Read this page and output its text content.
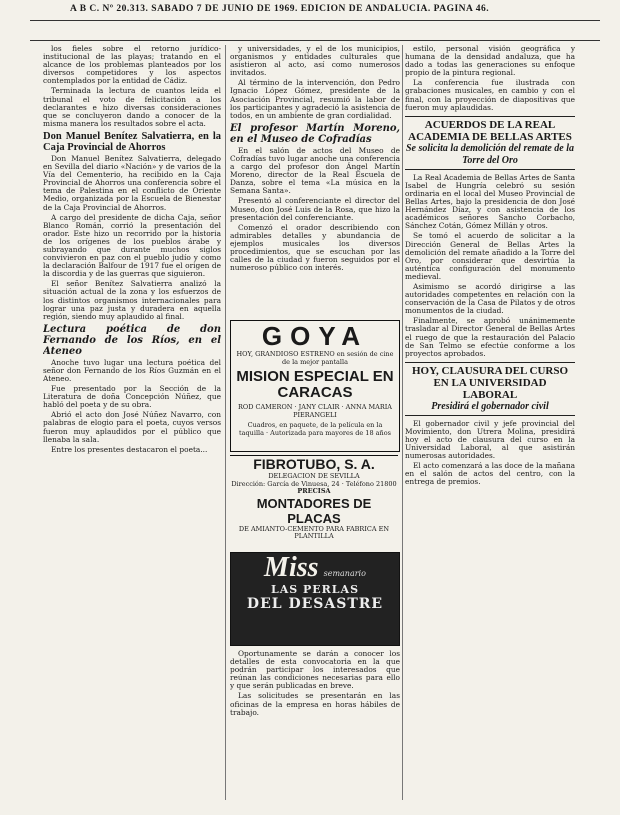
A B C. Nº 20.313. SABADO 7 DE JUNIO DE 1969. EDICION DE ANDALUCIA. PAGINA 46.

los fieles sobre el retorno jurídico-institucional de las playas; tratando en el alcance de los problemas planteados por los diversos competidores y los aspectos contemplados por la entidad de Cádiz.

Terminada la lectura de cuantos leída el tribunal el voto de felicitación a los declarantes e hizo diversas consideraciones que se concluyeron dando a conocer de la misma manera los resultados sobre el acta.

Don Manuel Benítez Salvatierra, en la Caja Provincial de Ahorros

Don Manuel Benítez Salvatierra, delegado en Sevilla del diario «Nación» y de varios de la Vía del Cementerio, ha recibido en la Caja Provincial de Ahorros una conferencia sobre el tema de Palestina en el conflicto de Oriente Medio, organizada por la Escuela de Bienestar de la Caja Provincial de Ahorros.

A cargo del presidente de dicha Caja, señor Blanco Román, corrió la presentación del orador. Este hizo un recorrido por la historia de los orígenes de los pueblos árabe y subrayando que durante muchos siglos convivieron en paz con el pueblo judío y como la declaración Balfour de 1917 fue el origen de la discordia y de las guerras que siguieron.

El señor Benítez Salvatierra analizó la situación actual de la zona y los esfuerzos de los distintos organismos internacionales para lograr una paz justa y duradera en aquella región, siendo muy aplaudido al final.

Lectura poética de don Fernando de los Ríos, en el Ateneo

Anoche tuvo lugar una lectura poética del señor don Fernando de los Ríos Guzmán en el Ateneo.

Fue presentado por la Sección de la Literatura de doña Concepción Núñez, que habló del poeta y de su obra.

Abrió el acto don José Núñez Navarro, con palabras de elogio para el poeta, cuyos versos fueron muy aplaudidos por el público que llenaba la sala.

Entre los presentes destacaron el poeta...

y universidades, y el de los municipios, organismos y entidades culturales que asistieron al acto, así como numerosos invitados.

Al término de la intervención, don Pedro Ignacio López Gómez, presidente de la Asociación Provincial, resumió la labor de los participantes y agradeció la asistencia de todos, en un ambiente de gran cordialidad.

El profesor Martín Moreno, en el Museo de Cofradías

En el salón de actos del Museo de Cofradías tuvo lugar anoche una conferencia a cargo del profesor don Ángel Martín Moreno, director de la Real Escuela de Danza, sobre el tema «La música en la Semana Santa».

Presentó al conferenciante el director del Museo, don José Luis de la Rosa, que hizo la presentación del conferenciante.

Comenzó el orador describiendo con admirables detalles y abundancia de ejemplos musicales los diversos procedimientos, que se escuchan por las calles de la ciudad y fueron seguidos por el numeroso público con interés.

GOYA
HOY, GRANDIOSO ESTRENO en sesión de cine de la mejor pantalla
MISION ESPECIAL EN CARACAS
ROD CAMERON · JANY CLAIR · ANNA MARIA PIERANGELI
Cuadros, en paquete, de la película en la taquilla · Autorizada para mayores de 18 años
FIBROTUBO, S. A.
DELEGACION DE SEVILLA
Dirección: García de Vinuesa, 24 · Teléfono 21800
PRECISA
MONTADORES DE PLACAS
DE AMIANTO-CEMENTO PARA FABRICA EN PLANTILLA
Miss semanario
LAS PERLAS
DEL DESASTRE

Oportunamente se darán a conocer los detalles de esta convocatoria en la que podrán participar los interesados que reúnan las condiciones necesarias para ello y que serán publicadas en breve.

Las solicitudes se presentarán en las oficinas de la empresa en horas hábiles de trabajo.

estilo, personal visión geográfica y humana de la densidad andaluza, que ha dado a todas las generaciones su enfoque propio de la pintura regional.

La conferencia fue ilustrada con grabaciones musicales, en cambio y con el final, con la proyección de diapositivas que fueron muy aplaudidas.

ACUERDOS DE LA REAL ACADEMIA DE BELLAS ARTES
Se solicita la demolición del remate de la Torre del Oro

La Real Academia de Bellas Artes de Santa Isabel de Hungría celebró su sesión ordinaria en el local del Museo Provincial de Bellas Artes, bajo la presidencia de don José Hernández Díaz, y con asistencia de los académicos señores Sancho Corbacho, Sánchez Cotán, Gómez Millán y otros.

Se tomó el acuerdo de solicitar a la Dirección General de Bellas Artes la demolición del remate añadido a la Torre del Oro, por considerar que desvirtúa la auténtica configuración del monumento medieval.

Asimismo se acordó dirigirse a las autoridades competentes en relación con la conservación de la Casa de Pilatos y de otros monumentos de la ciudad.

Finalmente, se aprobó unánimemente trasladar al Director General de Bellas Artes el ruego de que la restauración del Palacio de San Telmo se efectúe conforme a los proyectos aprobados.

HOY, CLAUSURA DEL CURSO EN LA UNIVERSIDAD LABORAL
Presidirá el gobernador civil

El gobernador civil y jefe provincial del Movimiento, don Utrera Molina, presidirá hoy el acto de clausura del curso en la Universidad Laboral, al que asistirán numerosas autoridades.

El acto comenzará a las doce de la mañana en el salón de actos del centro, con la entrega de premios.
